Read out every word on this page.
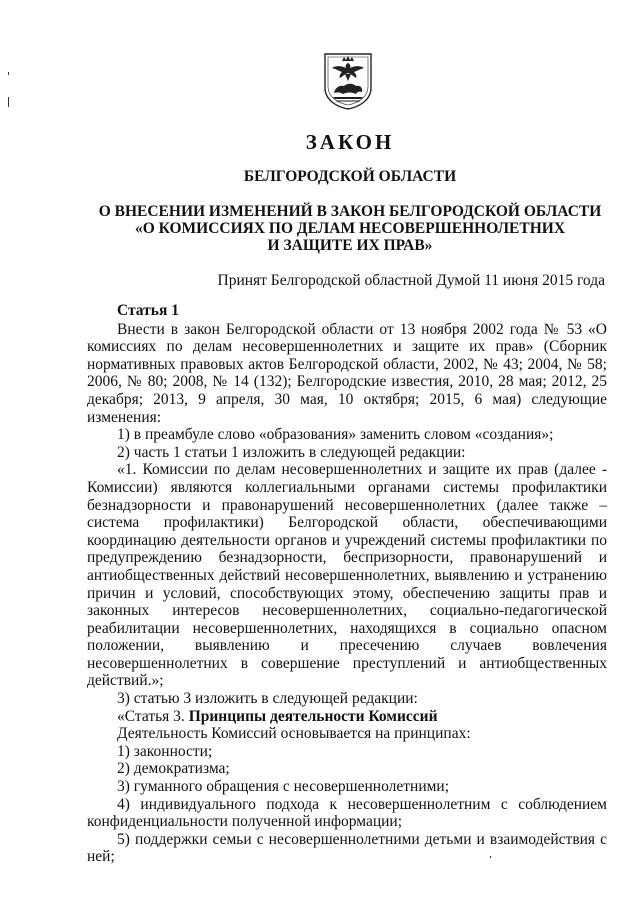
ЗАКОН
БЕЛГОРОДСКОЙ ОБЛАСТИ
О ВНЕСЕНИИ ИЗМЕНЕНИЙ В ЗАКОН БЕЛГОРОДСКОЙ ОБЛАСТИ
«О КОМИССИЯХ ПО ДЕЛАМ НЕСОВЕРШЕННОЛЕТНИХ
И ЗАЩИТЕ ИХ ПРАВ»
Принят Белгородской областной Думой 11 июня 2015 года

Статья 1

Внести в закон Белгородской области от 13 ноября 2002 года № 53 «О комиссиях по делам несовершеннолетних и защите их прав» (Сборник нормативных правовых актов Белгородской области, 2002, № 43; 2004, № 58; 2006, № 80; 2008, № 14 (132); Белгородские известия, 2010, 28 мая; 2012, 25 декабря; 2013, 9 апреля, 30 мая, 10 октября; 2015, 6 мая) следующие изменения:

1) в преамбуле слово «образования» заменить словом «создания»;

2) часть 1 статьи 1 изложить в следующей редакции:

«1. Комиссии по делам несовершеннолетних и защите их прав (далее - Комиссии) являются коллегиальными органами системы профилактики безнадзорности и правонарушений несовершеннолетних (далее также – система профилактики) Белгородской области, обеспечивающими координацию деятельности органов и учреждений системы профилактики по предупреждению безнадзорности, беспризорности, правонарушений и антиобщественных действий несовершеннолетних, выявлению и устранению причин и условий, способствующих этому, обеспечению защиты прав и законных интересов несовершеннолетних, социально-педагогической реабилитации несовершеннолетних, находящихся в социально опасном положении, выявлению и пресечению случаев вовлечения несовершеннолетних в совершение преступлений и антиобщественных действий.»;

3) статью 3 изложить в следующей редакции:

«Статья 3. Принципы деятельности Комиссий

Деятельность Комиссий основывается на принципах:

1) законности;

2) демократизма;

3) гуманного обращения с несовершеннолетними;

4) индивидуального подхода к несовершеннолетним с соблюдением конфиденциальности полученной информации;

5) поддержки семьи с несовершеннолетними детьми и взаимодействия с ней;
